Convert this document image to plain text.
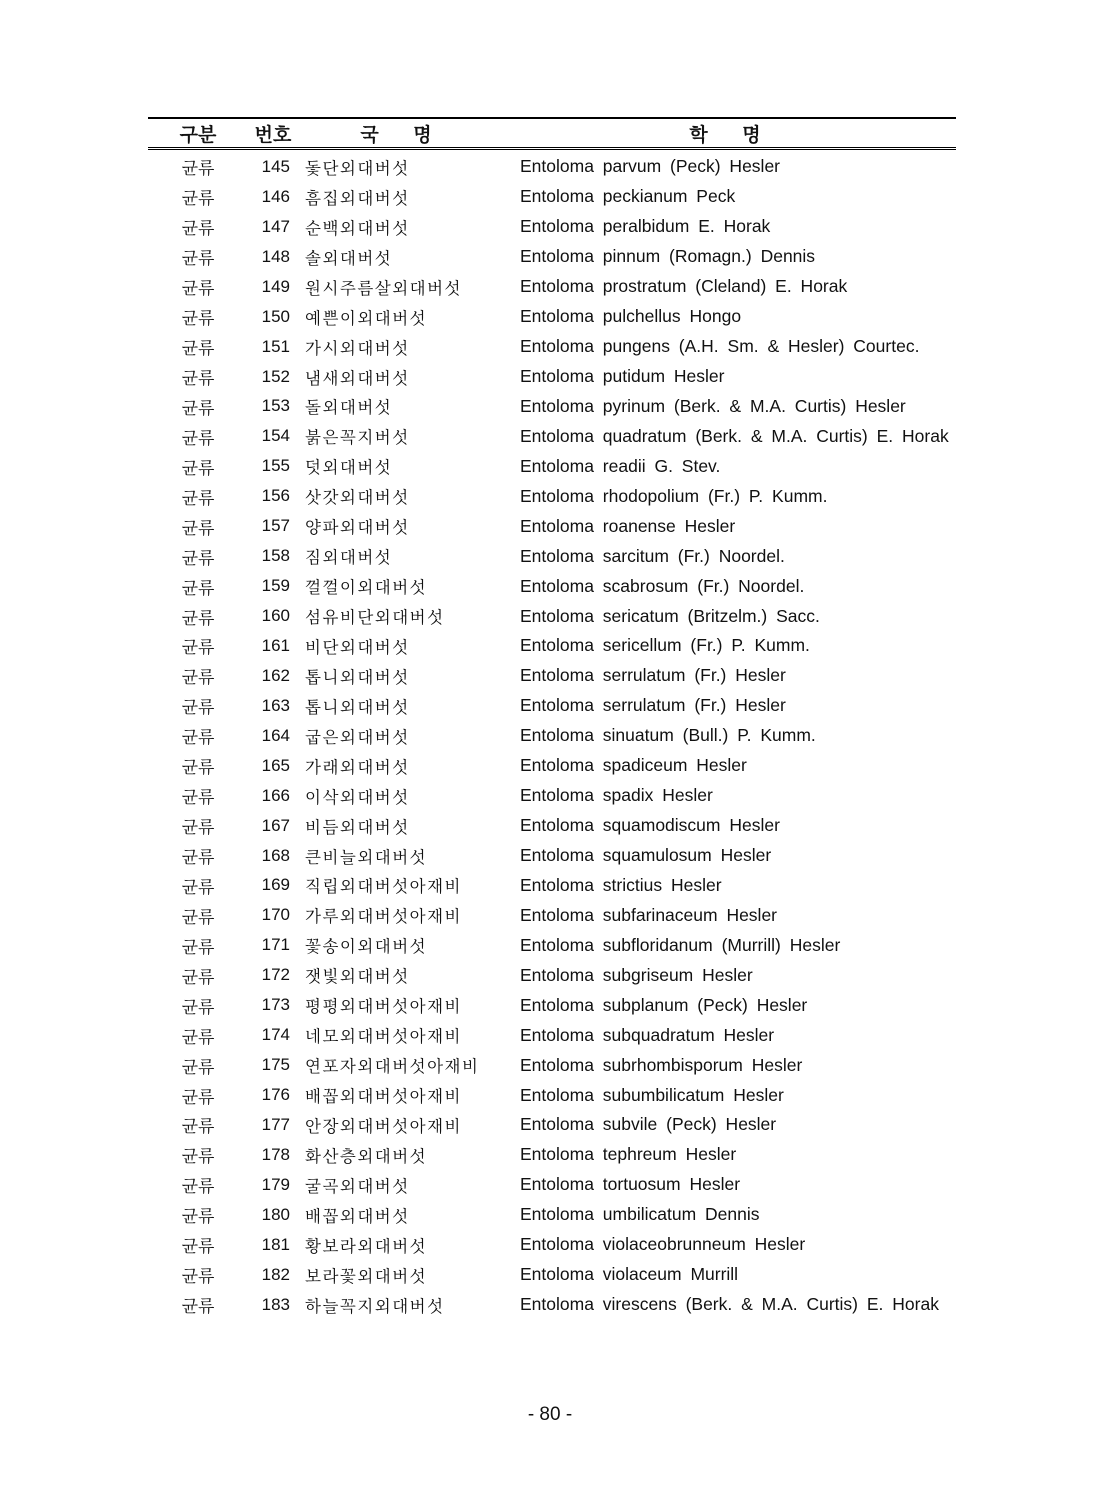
구분	번호	국 명	학 명
균류	145 돛단외대버섯	Entoloma parvum (Peck) Hesler
균류	146 흠집외대버섯	Entoloma peckianum Peck
균류	147 순백외대버섯	Entoloma peralbidum E. Horak
균류	148 솔외대버섯	Entoloma pinnum (Romagn.) Dennis
균류	149 원시주름살외대버섯	Entoloma prostratum (Cleland) E. Horak
균류	150 예쁜이외대버섯	Entoloma pulchellus Hongo
균류	151 가시외대버섯	Entoloma pungens (A.H. Sm. & Hesler) Courtec.
균류	152 냄새외대버섯	Entoloma putidum Hesler
균류	153 돌외대버섯	Entoloma pyrinum (Berk. & M.A. Curtis) Hesler
균류	154 붉은꼭지버섯	Entoloma quadratum (Berk. & M.A. Curtis) E. Horak
균류	155 덧외대버섯	Entoloma readii G. Stev.
균류	156 삿갓외대버섯	Entoloma rhodopolium (Fr.) P. Kumm.
균류	157 양파외대버섯	Entoloma roanense Hesler
균류	158 짐외대버섯	Entoloma sarcitum (Fr.) Noordel.
균류	159 껄껄이외대버섯	Entoloma scabrosum (Fr.) Noordel.
균류	160 섬유비단외대버섯	Entoloma sericatum (Britzelm.) Sacc.
균류	161 비단외대버섯	Entoloma sericellum (Fr.) P. Kumm.
균류	162 톱니외대버섯	Entoloma serrulatum (Fr.) Hesler
균류	163 톱니외대버섯	Entoloma serrulatum (Fr.) Hesler
균류	164 굽은외대버섯	Entoloma sinuatum (Bull.) P. Kumm.
균류	165 가래외대버섯	Entoloma spadiceum Hesler
균류	166 이삭외대버섯	Entoloma spadix Hesler
균류	167 비듬외대버섯	Entoloma squamodiscum Hesler
균류	168 큰비늘외대버섯	Entoloma squamulosum Hesler
균류	169 직립외대버섯아재비	Entoloma strictius Hesler
균류	170 가루외대버섯아재비	Entoloma subfarinaceum Hesler
균류	171 꽃송이외대버섯	Entoloma subfloridanum (Murrill) Hesler
균류	172 잿빛외대버섯	Entoloma subgriseum Hesler
균류	173 평평외대버섯아재비	Entoloma subplanum (Peck) Hesler
균류	174 네모외대버섯아재비	Entoloma subquadratum Hesler
균류	175 연포자외대버섯아재비	Entoloma subrhombisporum Hesler
균류	176 배꼽외대버섯아재비	Entoloma subumbilicatum Hesler
균류	177 안장외대버섯아재비	Entoloma subvile (Peck) Hesler
균류	178 화산층외대버섯	Entoloma tephreum Hesler
균류	179 굴곡외대버섯	Entoloma tortuosum Hesler
균류	180 배꼽외대버섯	Entoloma umbilicatum Dennis
균류	181 황보라외대버섯	Entoloma violaceobrunneum Hesler
균류	182 보라꽃외대버섯	Entoloma violaceum Murrill
균류	183 하늘꼭지외대버섯	Entoloma virescens (Berk. & M.A. Curtis) E. Horak
- 80 -
